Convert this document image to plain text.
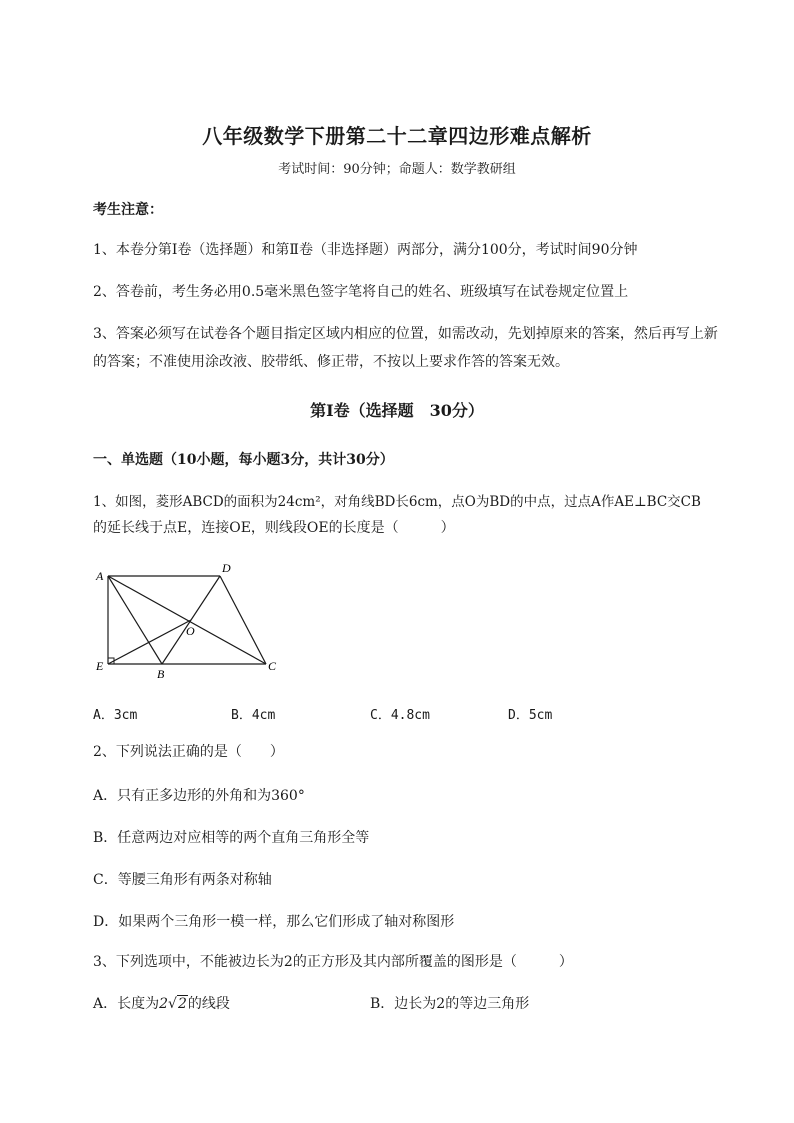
八年级数学下册第二十二章四边形难点解析
考试时间：90分钟；命题人：数学教研组
考生注意：
1、本卷分第I卷（选择题）和第Ⅱ卷（非选择题）两部分，满分100分，考试时间90分钟
2、答卷前，考生务必用0.5毫米黑色签字笔将自己的姓名、班级填写在试卷规定位置上
3、答案必须写在试卷各个题目指定区域内相应的位置，如需改动，先划掉原来的答案，然后再写上新的答案；不准使用涂改液、胶带纸、修正带，不按以上要求作答的答案无效。
第I卷（选择题　30分）
一、单选题（10小题，每小题3分，共计30分）
1、如图，菱形ABCD的面积为24cm²，对角线BD长6cm，点O为BD的中点，过点A作AE⊥BC交CB
的延长线于点E，连接OE，则线段OE的长度是（　　　）
A
D
C
B
E
O
A．3cm	B．4cm	C．4.8cm	D．5cm
2、下列说法正确的是（　　）
A．只有正多边形的外角和为360°
B．任意两边对应相等的两个直角三角形全等
C．等腰三角形有两条对称轴
D．如果两个三角形一模一样，那么它们形成了轴对称图形
3、下列选项中，不能被边长为2的正方形及其内部所覆盖的图形是（　　　）
A．长度为2√2的线段	B．边长为2的等边三角形
